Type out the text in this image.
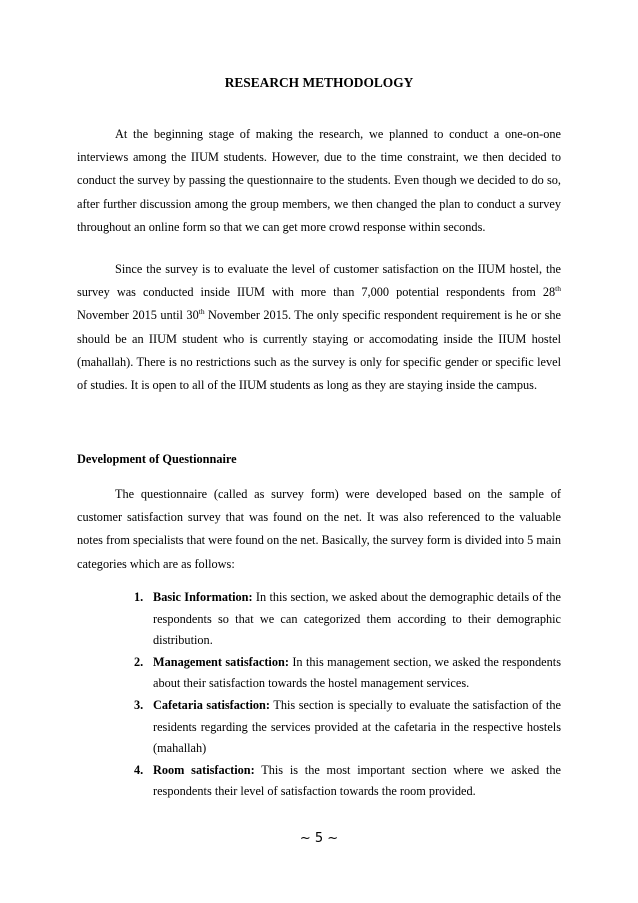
RESEARCH METHODOLOGY
At the beginning stage of making the research, we planned to conduct a one-on-one interviews among the IIUM students. However, due to the time constraint, we then decided to conduct the survey by passing the questionnaire to the students. Even though we decided to do so, after further discussion among the group members, we then changed the plan to conduct a survey throughout an online form so that we can get more crowd response within seconds.
Since the survey is to evaluate the level of customer satisfaction on the IIUM hostel, the survey was conducted inside IIUM with more than 7,000 potential respondents from 28th November 2015 until 30th November 2015. The only specific respondent requirement is he or she should be an IIUM student who is currently staying or accomodating inside the IIUM hostel (mahallah). There is no restrictions such as the survey is only for specific gender or specific level of studies. It is open to all of the IIUM students as long as they are staying inside the campus.
Development of Questionnaire
The questionnaire (called as survey form) were developed based on the sample of customer satisfaction survey that was found on the net. It was also referenced to the valuable notes from specialists that were found on the net. Basically, the survey form is divided into 5 main categories which are as follows:
1. Basic Information: In this section, we asked about the demographic details of the respondents so that we can categorized them according to their demographic distribution.
2. Management satisfaction: In this management section, we asked the respondents about their satisfaction towards the hostel management services.
3. Cafetaria satisfaction: This section is specially to evaluate the satisfaction of the residents regarding the services provided at the cafetaria in the respective hostels (mahallah)
4. Room satisfaction: This is the most important section where we asked the respondents their level of satisfaction towards the room provided.
~ 5 ~
